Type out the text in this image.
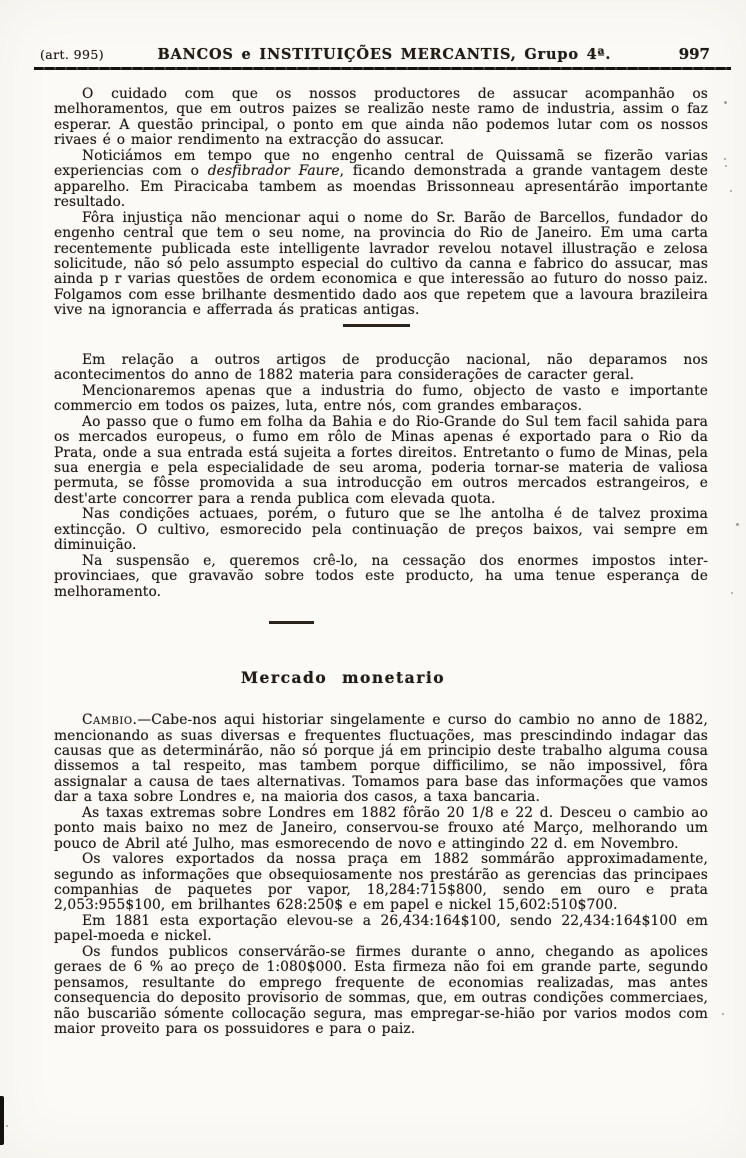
(art. 995)	BANCOS e INSTITUIÇÕES MERCANTIS, Grupo 4ª.	997

O cuidado com que os nossos productores de assucar acompanhão os melhoramentos, que em outros paizes se realizão neste ramo de industria, assim o faz esperar. A questão principal, o ponto em que ainda não podemos lutar com os nossos rivaes é o maior rendimento na extracção do assucar.

Noticiámos em tempo que no engenho central de Quissamã se fizerão varias experiencias com o desfibrador Faure, ficando demonstrada a grande vantagem deste apparelho. Em Piracicaba tambem as moendas Brissonneau apresentárão importante resultado.

Fôra injustiça não mencionar aqui o nome do Sr. Barão de Barcellos, fundador do engenho central que tem o seu nome, na provincia do Rio de Janeiro. Em uma carta recentemente publicada este intelligente lavrador revelou notavel illustração e zelosa solicitude, não só pelo assumpto especial do cultivo da canna e fabrico do assucar, mas ainda p r varias questões de ordem economica e que interessão ao futuro do nosso paiz. Folgamos com esse brilhante desmentido dado aos que repetem que a lavoura brazileira vive na ignorancia e afferrada ás praticas antigas.

Em relação a outros artigos de producção nacional, não deparamos nos acontecimentos do anno de 1882 materia para considerações de caracter geral.

Mencionaremos apenas que a industria do fumo, objecto de vasto e importante commercio em todos os paizes, luta, entre nós, com grandes embaraços.

Ao passo que o fumo em folha da Bahia e do Rio-Grande do Sul tem facil sahida para os mercados europeus, o fumo em rôlo de Minas apenas é exportado para o Rio da Prata, onde a sua entrada está sujeita a fortes direitos. Entretanto o fumo de Minas, pela sua energia e pela especialidade de seu aroma, poderia tornar-se materia de valiosa permuta, se fôsse promovida a sua introducção em outros mercados estrangeiros, e dest'arte concorrer para a renda publica com elevada quota.

Nas condições actuaes, porém, o futuro que se lhe antolha é de talvez proxima extincção. O cultivo, esmorecido pela continuação de preços baixos, vai sempre em diminuição.

Na suspensão e, queremos crê-lo, na cessação dos enormes impostos inter-provinciaes, que gravavão sobre todos este producto, ha uma tenue esperança de melhoramento.

Mercado monetario

Cambio.—Cabe-nos aqui historiar singelamente e curso do cambio no anno de 1882, mencionando as suas diversas e frequentes fluctuações, mas prescindindo indagar das causas que as determinárão, não só porque já em principio deste trabalho alguma cousa dissemos a tal respeito, mas tambem porque difficilimo, se não impossivel, fôra assignalar a causa de taes alternativas. Tomamos para base das informações que vamos dar a taxa sobre Londres e, na maioria dos casos, a taxa bancaria.

As taxas extremas sobre Londres em 1882 fôrão 20 1/8 e 22 d. Desceu o cambio ao ponto mais baixo no mez de Janeiro, conservou-se frouxo até Março, melhorando um pouco de Abril até Julho, mas esmorecendo de novo e attingindo 22 d. em Novembro.

Os valores exportados da nossa praça em 1882 sommárão approximadamente, segundo as informações que obsequiosamente nos prestárão as gerencias das principaes companhias de paquetes por vapor, 18,284:715$800, sendo em ouro e prata 2,053:955$100, em brilhantes 628:250$ e em papel e nickel 15,602:510$700.

Em 1881 esta exportação elevou-se a 26,434:164$100, sendo 22,434:164$100 em papel-moeda e nickel.

Os fundos publicos conservárão-se firmes durante o anno, chegando as apolices geraes de 6 % ao preço de 1:080$000. Esta firmeza não foi em grande parte, segundo pensamos, resultante do emprego frequente de economias realizadas, mas antes consequencia do deposito provisorio de sommas, que, em outras condições commerciaes, não buscarião sómente collocação segura, mas empregar-se-hião por varios modos com maior proveito para os possuidores e para o paiz.
